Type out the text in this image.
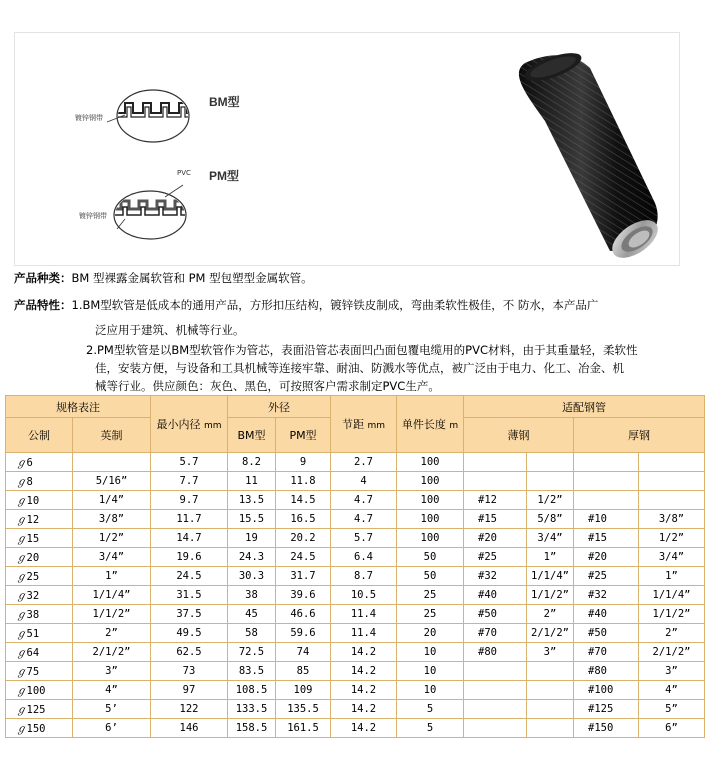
BM型
PM型
镀锌钢带
PVC
镀锌钢带
产品种类：BM 型裸露金属软管和 PM 型包塑型金属软管。
产品特性：1.BM型软管是低成本的通用产品，方形扣压结构，镀锌铁皮制成，弯曲柔软性极佳，不 防水，本产品广
泛应用于建筑、机械等行业。
2.PM型软管是以BM型软管作为管芯，表面沿管芯表面凹凸面包覆电缆用的PVC材料，由于其重量轻，柔软性
佳，安装方便，与设备和工具机械等连接牢靠、耐油、防溅水等优点，被广泛由于电力、化工、冶金、机
械等行业。供应颜色：灰色、黑色，可按照客户需求制定PVC生产。
规格表注		最小内径 mm	外径		节距 mm	单件长度 m	适配钢管			
公制	英制		BM型	PM型			薄钢		厚钢	
ℊ6		5.7	8.2	9	2.7	100				
ℊ8	5/16”	7.7	11	11.8	4	100				
ℊ10	1/4”	9.7	13.5	14.5	4.7	100	#12	1/2”		
ℊ12	3/8”	11.7	15.5	16.5	4.7	100	#15	5/8”	#10	3/8”
ℊ15	1/2”	14.7	19	20.2	5.7	100	#20	3/4”	#15	1/2”
ℊ20	3/4”	19.6	24.3	24.5	6.4	50	#25	1”	#20	3/4”
ℊ25	1”	24.5	30.3	31.7	8.7	50	#32	1/1/4”	#25	1”
ℊ32	1/1/4”	31.5	38	39.6	10.5	25	#40	1/1/2”	#32	1/1/4”
ℊ38	1/1/2”	37.5	45	46.6	11.4	25	#50	2”	#40	1/1/2”
ℊ51	2”	49.5	58	59.6	11.4	20	#70	2/1/2”	#50	2”
ℊ64	2/1/2”	62.5	72.5	74	14.2	10	#80	3”	#70	2/1/2”
ℊ75	3”	73	83.5	85	14.2	10			#80	3”
ℊ100	4”	97	108.5	109	14.2	10			#100	4”
ℊ125	5’	122	133.5	135.5	14.2	5			#125	5”
ℊ150	6’	146	158.5	161.5	14.2	5			#150	6”
